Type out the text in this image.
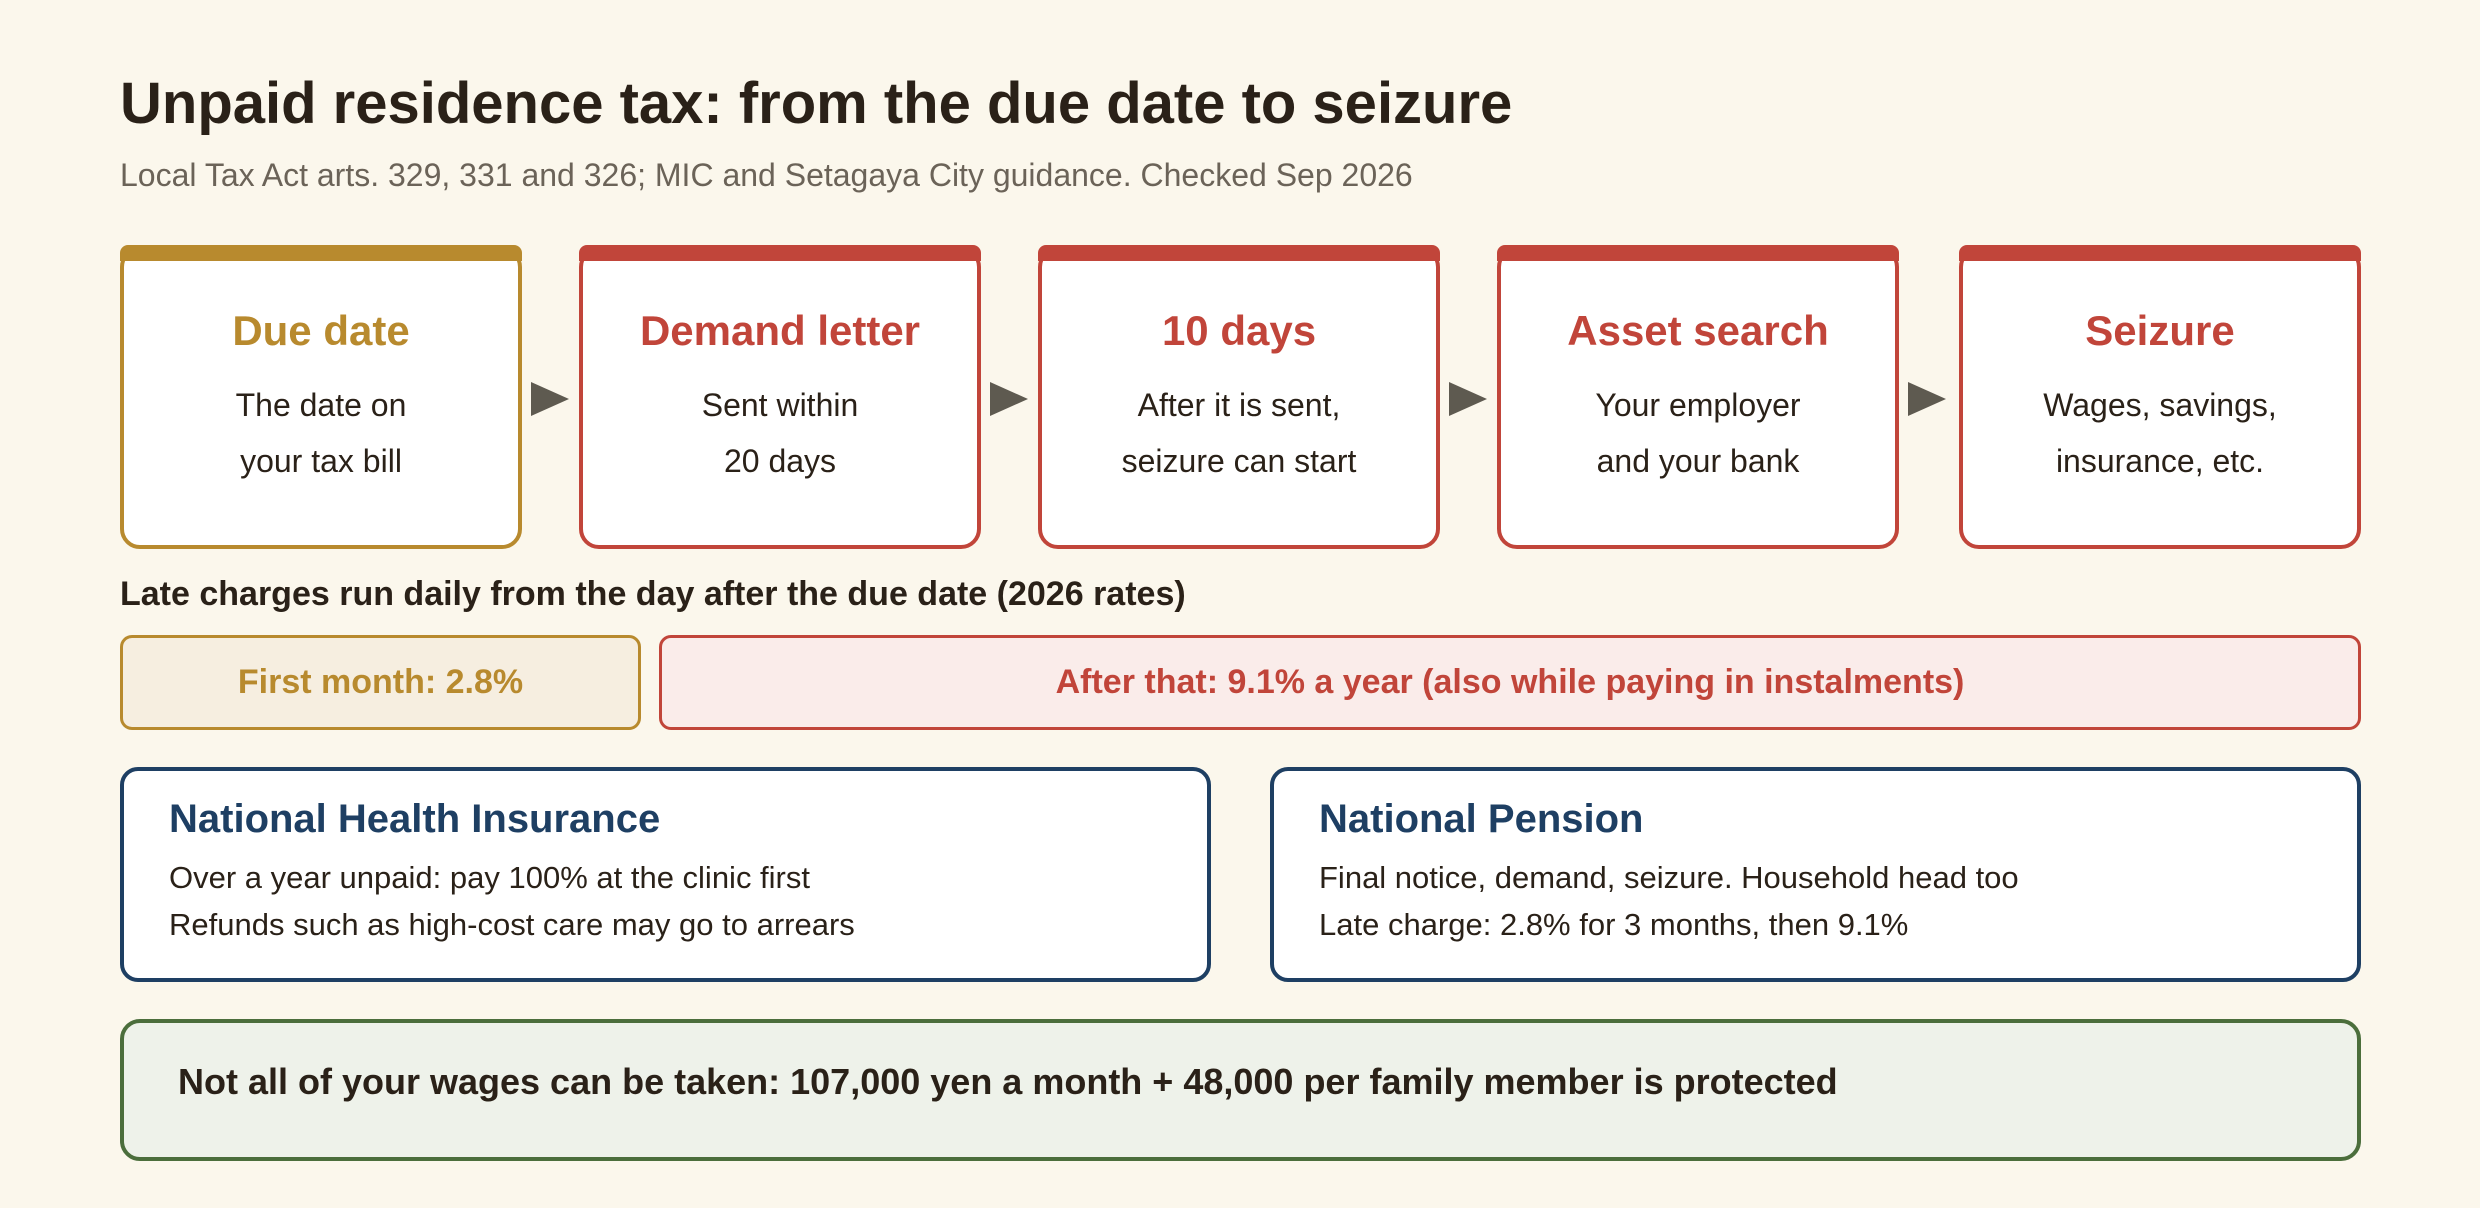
Unpaid residence tax: from the due date to seizure
Local Tax Act arts. 329, 331 and 326; MIC and Setagaya City guidance. Checked Sep 2026
Due date
The date on
your tax bill
Demand letter
Sent within
20 days
10 days
After it is sent,
seizure can start
Asset search
Your employer
and your bank
Seizure
Wages, savings,
insurance, etc.
Late charges run daily from the day after the due date (2026 rates)
First month: 2.8%	After that: 9.1% a year (also while paying in instalments)
National Health Insurance
Over a year unpaid: pay 100% at the clinic first
Refunds such as high-cost care may go to arrears
National Pension
Final notice, demand, seizure. Household head too
Late charge: 2.8% for 3 months, then 9.1%
Not all of your wages can be taken: 107,000 yen a month + 48,000 per family member is protected
